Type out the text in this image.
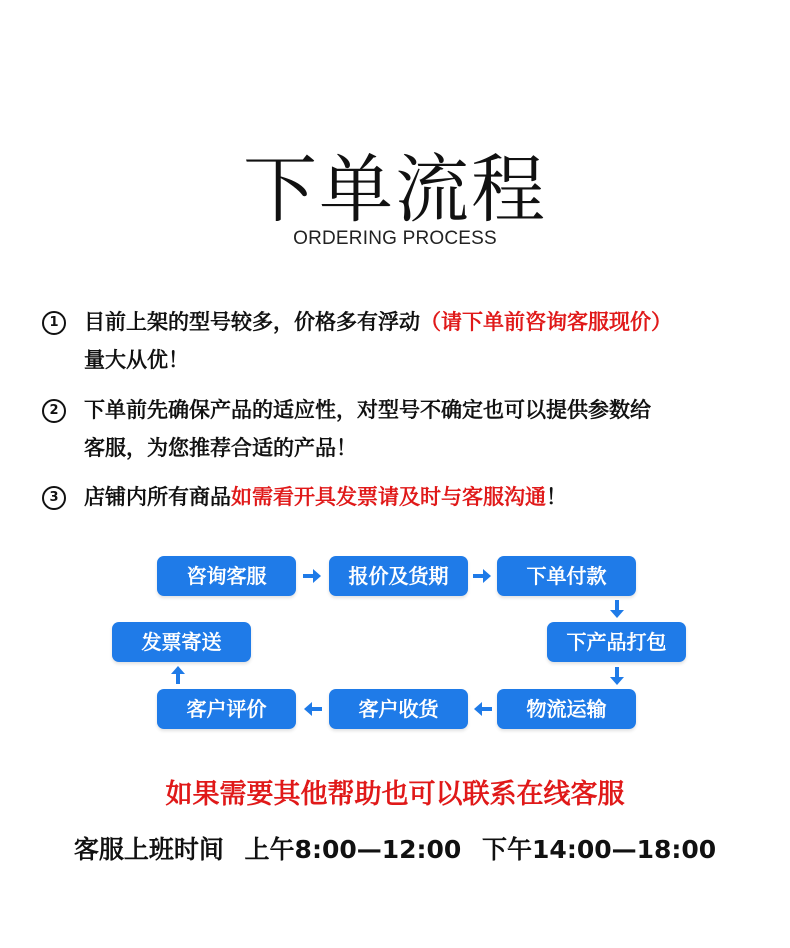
下单流程
ORDERING PROCESS
1	目前上架的型号较多，价格多有浮动（请下单前咨询客服现价）
量大从优！
2	下单前先确保产品的适应性，对型号不确定也可以提供参数给
客服，为您推荐合适的产品！
3	店铺内所有商品如需看开具发票请及时与客服沟通！
咨询客服	报价及货期	下单付款
下产品打包
物流运输
客户收货
客户评价
发票寄送
如果需要其他帮助也可以联系在线客服
客服上班时间 上午8:00—12:00 下午14:00—18:00
